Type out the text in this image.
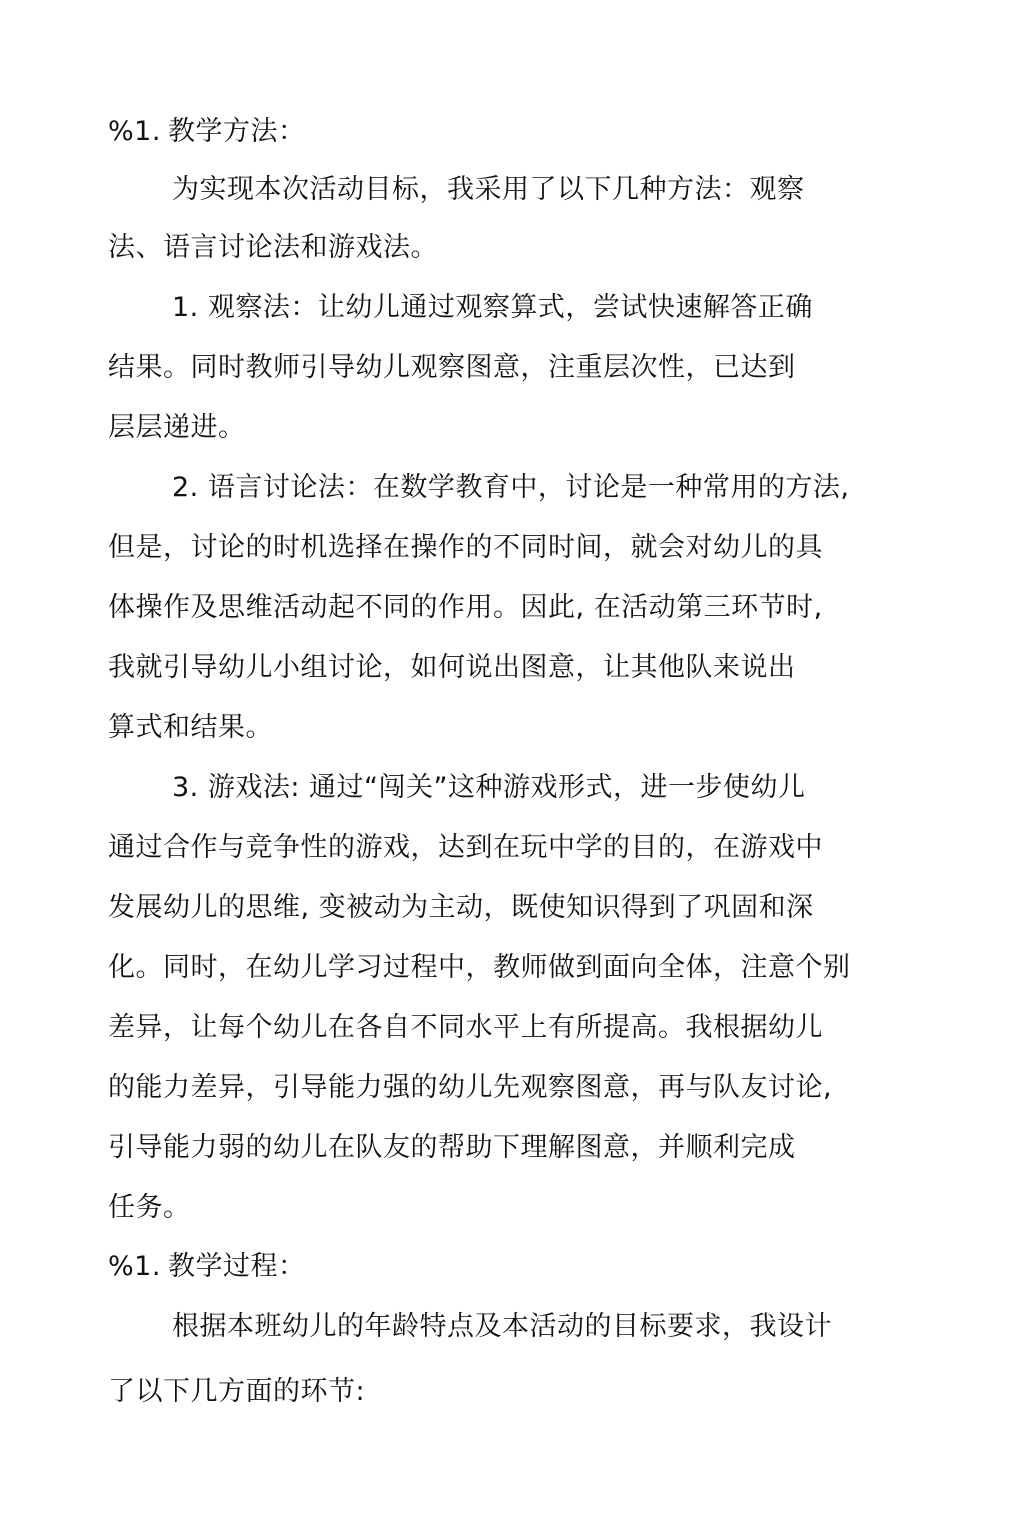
%1. 教学方法：
为实现本次活动目标，我采用了以下几种方法：观察
法、语言讨论法和游戏法。
1. 观察法：让幼儿通过观察算式，尝试快速解答正确
结果。同时教师引导幼儿观察图意，注重层次性，已达到
层层递进。
2. 语言讨论法：在数学教育中，讨论是一种常用的方法,
但是，讨论的时机选择在操作的不同时间，就会对幼儿的具
体操作及思维活动起不同的作用。因此, 在活动第三环节时,
我就引导幼儿小组讨论，如何说出图意，让其他队来说出
算式和结果。
3. 游戏法: 通过“闯关”这种游戏形式，进一步使幼儿
通过合作与竞争性的游戏，达到在玩中学的目的，在游戏中
发展幼儿的思维, 变被动为主动，既使知识得到了巩固和深
化。同时，在幼儿学习过程中，教师做到面向全体，注意个别
差异，让每个幼儿在各自不同水平上有所提高。我根据幼儿
的能力差异，引导能力强的幼儿先观察图意，再与队友讨论,
引导能力弱的幼儿在队友的帮助下理解图意，并顺利完成
任务。
%1. 教学过程：
根据本班幼儿的年龄特点及本活动的目标要求，我设计
了以下几方面的环节:
